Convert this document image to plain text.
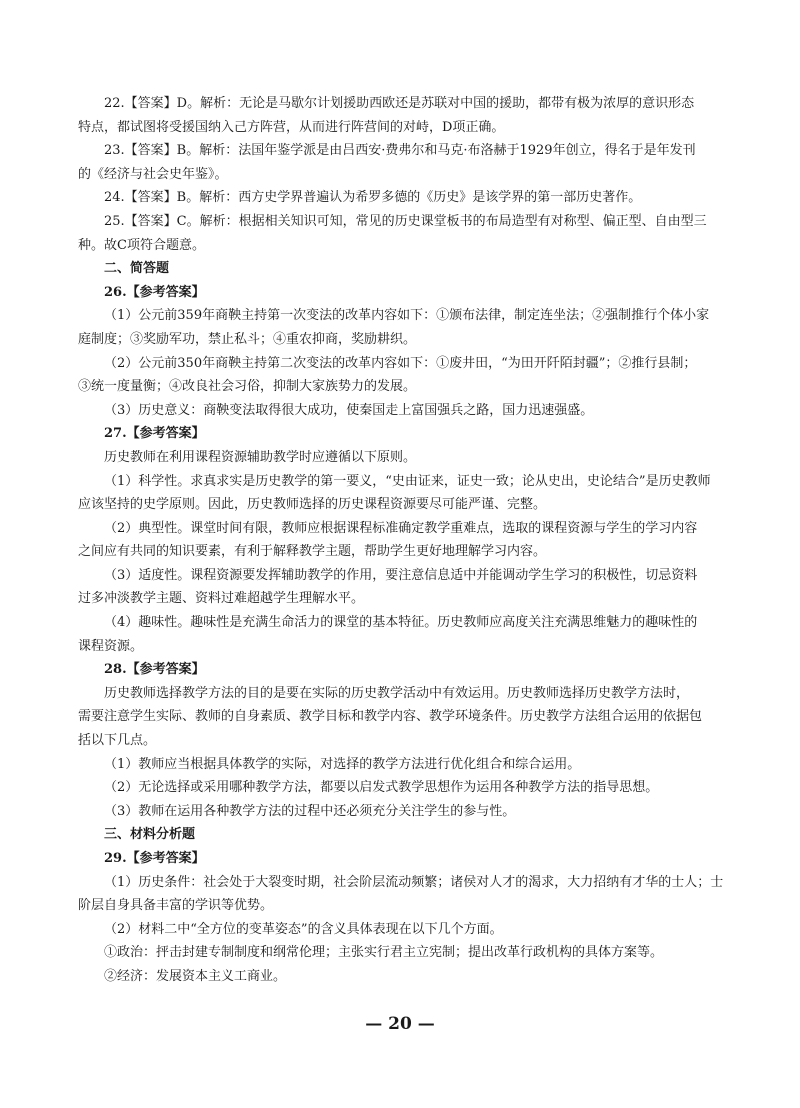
22.【答案】D。解析：无论是马歇尔计划援助西欧还是苏联对中国的援助，都带有极为浓厚的意识形态

特点，都试图将受援国纳入己方阵营，从而进行阵营间的对峙，D项正确。

23.【答案】B。解析：法国年鉴学派是由吕西安·费弗尔和马克·布洛赫于1929年创立，得名于是年发刊

的《经济与社会史年鉴》。

24.【答案】B。解析：西方史学界普遍认为希罗多德的《历史》是该学界的第一部历史著作。

25.【答案】C。解析：根据相关知识可知，常见的历史课堂板书的布局造型有对称型、偏正型、自由型三

种。故C项符合题意。

二、简答题

26.【参考答案】

（1）公元前359年商鞅主持第一次变法的改革内容如下：①颁布法律，制定连坐法；②强制推行个体小家

庭制度；③奖励军功，禁止私斗；④重农抑商，奖励耕织。

（2）公元前350年商鞅主持第二次变法的改革内容如下：①废井田，“为田开阡陌封疆”；②推行县制；

③统一度量衡；④改良社会习俗，抑制大家族势力的发展。

（3）历史意义：商鞅变法取得很大成功，使秦国走上富国强兵之路，国力迅速强盛。

27.【参考答案】

历史教师在利用课程资源辅助教学时应遵循以下原则。

（1）科学性。求真求实是历史教学的第一要义，“史由证来，证史一致；论从史出，史论结合”是历史教师

应该坚持的史学原则。因此，历史教师选择的历史课程资源要尽可能严谨、完整。

（2）典型性。课堂时间有限，教师应根据课程标准确定教学重难点，选取的课程资源与学生的学习内容

之间应有共同的知识要素，有利于解释教学主题，帮助学生更好地理解学习内容。

（3）适度性。课程资源要发挥辅助教学的作用，要注意信息适中并能调动学生学习的积极性，切忌资料

过多冲淡教学主题、资料过难超越学生理解水平。

（4）趣味性。趣味性是充满生命活力的课堂的基本特征。历史教师应高度关注充满思维魅力的趣味性的

课程资源。

28.【参考答案】

历史教师选择教学方法的目的是要在实际的历史教学活动中有效运用。历史教师选择历史教学方法时，

需要注意学生实际、教师的自身素质、教学目标和教学内容、教学环境条件。历史教学方法组合运用的依据包

括以下几点。

（1）教师应当根据具体教学的实际，对选择的教学方法进行优化组合和综合运用。

（2）无论选择或采用哪种教学方法，都要以启发式教学思想作为运用各种教学方法的指导思想。

（3）教师在运用各种教学方法的过程中还必须充分关注学生的参与性。

三、材料分析题

29.【参考答案】

（1）历史条件：社会处于大裂变时期，社会阶层流动频繁；诸侯对人才的渴求，大力招纳有才华的士人；士

阶层自身具备丰富的学识等优势。

（2）材料二中“全方位的变革姿态”的含义具体表现在以下几个方面。

①政治：抨击封建专制制度和纲常伦理；主张实行君主立宪制；提出改革行政机构的具体方案等。

②经济：发展资本主义工商业。

— 20 —
